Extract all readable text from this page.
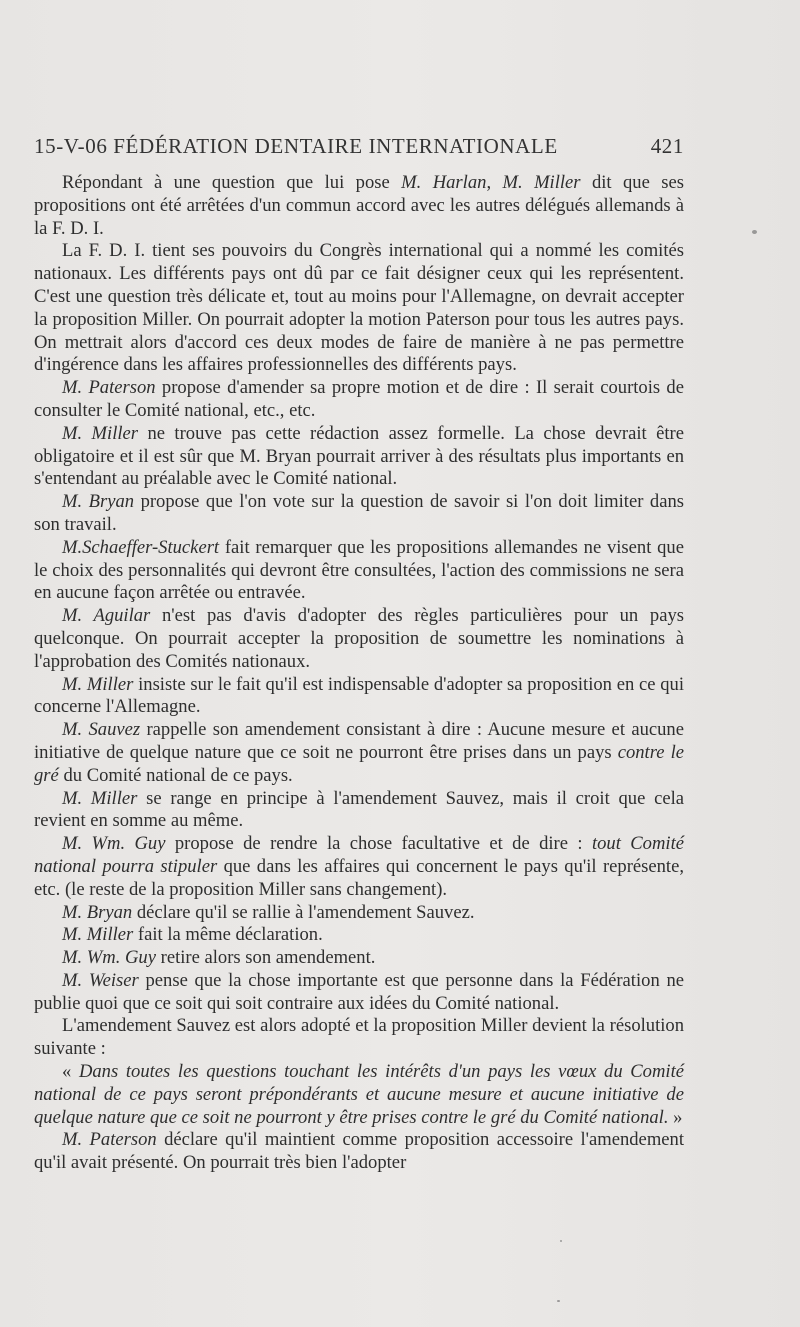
15-V-06 FÉDÉRATION DENTAIRE INTERNATIONALE	421

Répondant à une question que lui pose M. Harlan, M. Miller dit que ses propositions ont été arrêtées d'un commun accord avec les autres délégués allemands à la F. D. I.

La F. D. I. tient ses pouvoirs du Congrès international qui a nommé les comités nationaux. Les différents pays ont dû par ce fait désigner ceux qui les représentent. C'est une question très délicate et, tout au moins pour l'Allemagne, on devrait accepter la proposition Miller. On pourrait adopter la motion Paterson pour tous les autres pays. On mettrait alors d'accord ces deux modes de faire de manière à ne pas permettre d'ingérence dans les affaires professionnelles des différents pays.

M. Paterson propose d'amender sa propre motion et de dire : Il serait courtois de consulter le Comité national, etc., etc.

M. Miller ne trouve pas cette rédaction assez formelle. La chose devrait être obligatoire et il est sûr que M. Bryan pourrait arriver à des résultats plus importants en s'entendant au préalable avec le Comité national.

M. Bryan propose que l'on vote sur la question de savoir si l'on doit limiter dans son travail.

M.Schaeffer-Stuckert fait remarquer que les propositions allemandes ne visent que le choix des personnalités qui devront être consultées, l'action des commissions ne sera en aucune façon arrêtée ou entravée.

M. Aguilar n'est pas d'avis d'adopter des règles particulières pour un pays quelconque. On pourrait accepter la proposition de soumettre les nominations à l'approbation des Comités nationaux.

M. Miller insiste sur le fait qu'il est indispensable d'adopter sa proposition en ce qui concerne l'Allemagne.

M. Sauvez rappelle son amendement consistant à dire : Aucune mesure et aucune initiative de quelque nature que ce soit ne pourront être prises dans un pays contre le gré du Comité national de ce pays.

M. Miller se range en principe à l'amendement Sauvez, mais il croit que cela revient en somme au même.

M. Wm. Guy propose de rendre la chose facultative et de dire : tout Comité national pourra stipuler que dans les affaires qui concernent le pays qu'il représente, etc. (le reste de la proposition Miller sans changement).

M. Bryan déclare qu'il se rallie à l'amendement Sauvez.

M. Miller fait la même déclaration.

M. Wm. Guy retire alors son amendement.

M. Weiser pense que la chose importante est que personne dans la Fédération ne publie quoi que ce soit qui soit contraire aux idées du Comité national.

L'amendement Sauvez est alors adopté et la proposition Miller devient la résolution suivante :

« Dans toutes les questions touchant les intérêts d'un pays les vœux du Comité national de ce pays seront prépondérants et aucune mesure et aucune initiative de quelque nature que ce soit ne pourront y être prises contre le gré du Comité national. »

M. Paterson déclare qu'il maintient comme proposition accessoire l'amendement qu'il avait présenté. On pourrait très bien l'adopter
